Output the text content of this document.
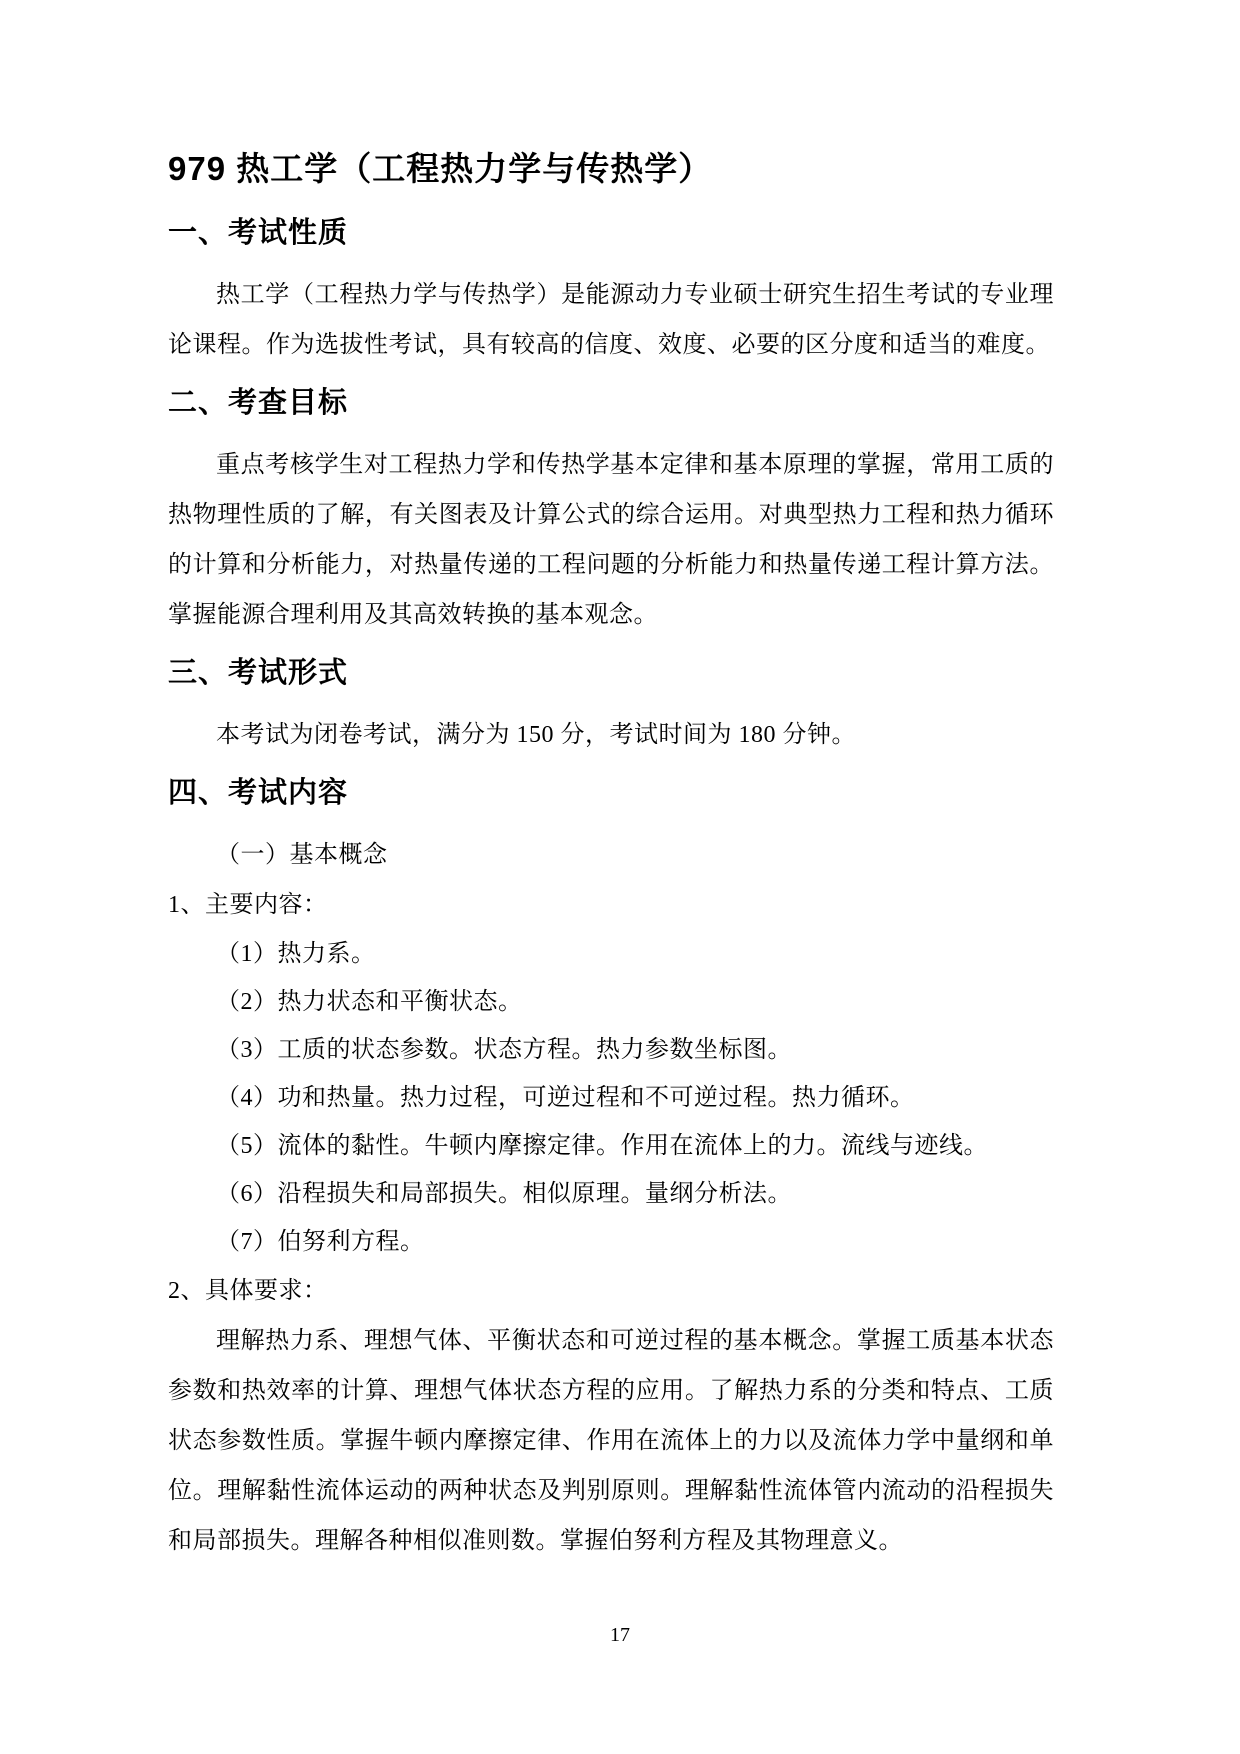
979 热工学（工程热力学与传热学）
一、考试性质

热工学（工程热力学与传热学）是能源动力专业硕士研究生招生考试的专业理论课程。作为选拔性考试，具有较高的信度、效度、必要的区分度和适当的难度。

二、考查目标

重点考核学生对工程热力学和传热学基本定律和基本原理的掌握，常用工质的热物理性质的了解，有关图表及计算公式的综合运用。对典型热力工程和热力循环的计算和分析能力，对热量传递的工程问题的分析能力和热量传递工程计算方法。掌握能源合理利用及其高效转换的基本观念。

三、考试形式

本考试为闭卷考试，满分为 150 分，考试时间为 180 分钟。

四、考试内容

（一）基本概念

1、主要内容：

（1）热力系。

（2）热力状态和平衡状态。

（3）工质的状态参数。状态方程。热力参数坐标图。

（4）功和热量。热力过程，可逆过程和不可逆过程。热力循环。

（5）流体的黏性。牛顿内摩擦定律。作用在流体上的力。流线与迹线。

（6）沿程损失和局部损失。相似原理。量纲分析法。

（7）伯努利方程。

2、具体要求：

理解热力系、理想气体、平衡状态和可逆过程的基本概念。掌握工质基本状态参数和热效率的计算、理想气体状态方程的应用。了解热力系的分类和特点、工质状态参数性质。掌握牛顿内摩擦定律、作用在流体上的力以及流体力学中量纲和单位。理解黏性流体运动的两种状态及判别原则。理解黏性流体管内流动的沿程损失和局部损失。理解各种相似准则数。掌握伯努利方程及其物理意义。

17
